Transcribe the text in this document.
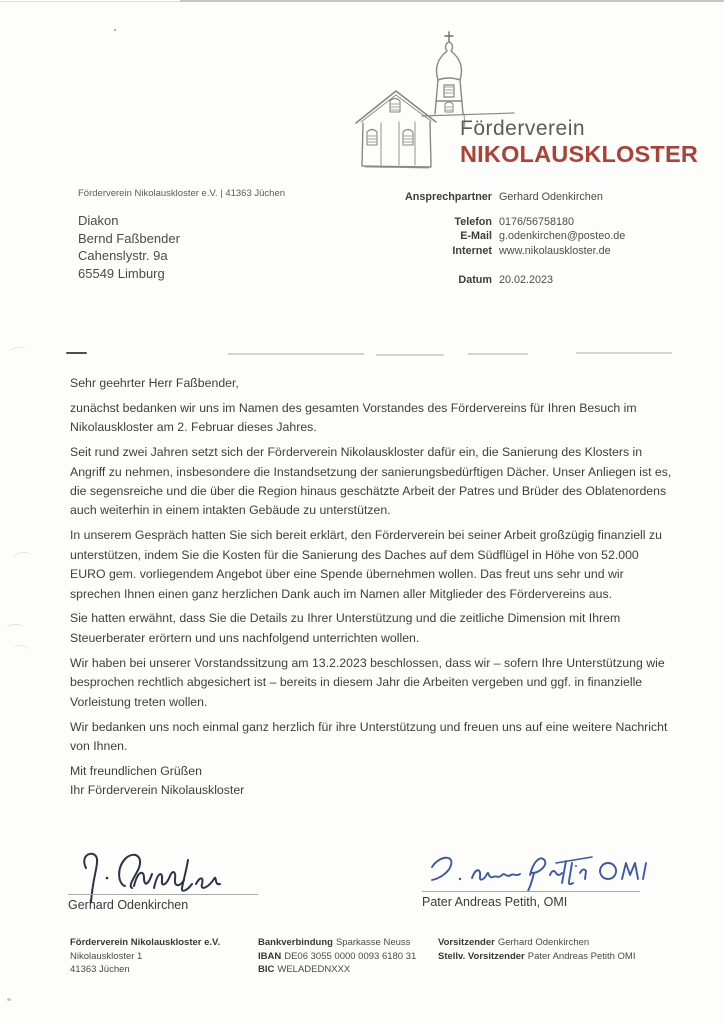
Förderverein
NIKOLAUSKLOSTER
Förderverein Nikolauskloster e.V. | 41363 Jüchen
Diakon
Bernd Faßbender
Cahenslystr. 9a
65549 Limburg
Ansprechpartner Gerhard Odenkirchen
Telefon 0176/56758180
E-Mail g.odenkirchen@posteo.de
Internet www.nikolauskloster.de
Datum 20.02.2023

Sehr geehrter Herr Faßbender,

zunächst bedanken wir uns im Namen des gesamten Vorstandes des Fördervereins für Ihren Besuch im Nikolauskloster am 2. Februar dieses Jahres.

Seit rund zwei Jahren setzt sich der Förderverein Nikolauskloster dafür ein, die Sanierung des Klosters in Angriff zu nehmen, insbesondere die Instandsetzung der sanierungsbedürftigen Dächer. Unser Anliegen ist es, die segensreiche und die über die Region hinaus geschätzte Arbeit der Patres und Brüder des Oblatenordens auch weiterhin in einem intakten Gebäude zu unterstützen.

In unserem Gespräch hatten Sie sich bereit erklärt, den Förderverein bei seiner Arbeit großzügig finanziell zu unterstützen, indem Sie die Kosten für die Sanierung des Daches auf dem Südflügel in Höhe von 52.000 EURO gem. vorliegendem Angebot über eine Spende übernehmen wollen. Das freut uns sehr und wir sprechen Ihnen einen ganz herzlichen Dank auch im Namen aller Mitglieder des Fördervereins aus.

Sie hatten erwähnt, dass Sie die Details zu Ihrer Unterstützung und die zeitliche Dimension mit Ihrem Steuerberater erörtern und uns nachfolgend unterrichten wollen.

Wir haben bei unserer Vorstandssitzung am 13.2.2023 beschlossen, dass wir – sofern Ihre Unterstützung wie besprochen rechtlich abgesichert ist – bereits in diesem Jahr die Arbeiten vergeben und ggf. in finanzielle Vorleistung treten wollen.

Wir bedanken uns noch einmal ganz herzlich für ihre Unterstützung und freuen uns auf eine weitere Nachricht von Ihnen.

Mit freundlichen Grüßen
Ihr Förderverein Nikolauskloster
Gerhard Odenkirchen	Pater Andreas Petith, OMI
Förderverein Nikolauskloster e.V.
Nikolauskloster 1
41363 Jüchen
Bankverbindung Sparkasse Neuss
IBAN DE06 3055 0000 0093 6180 31
BIC WELADEDNXXX
Vorsitzender Gerhard Odenkirchen
Stellv. Vorsitzender Pater Andreas Petith OMI
